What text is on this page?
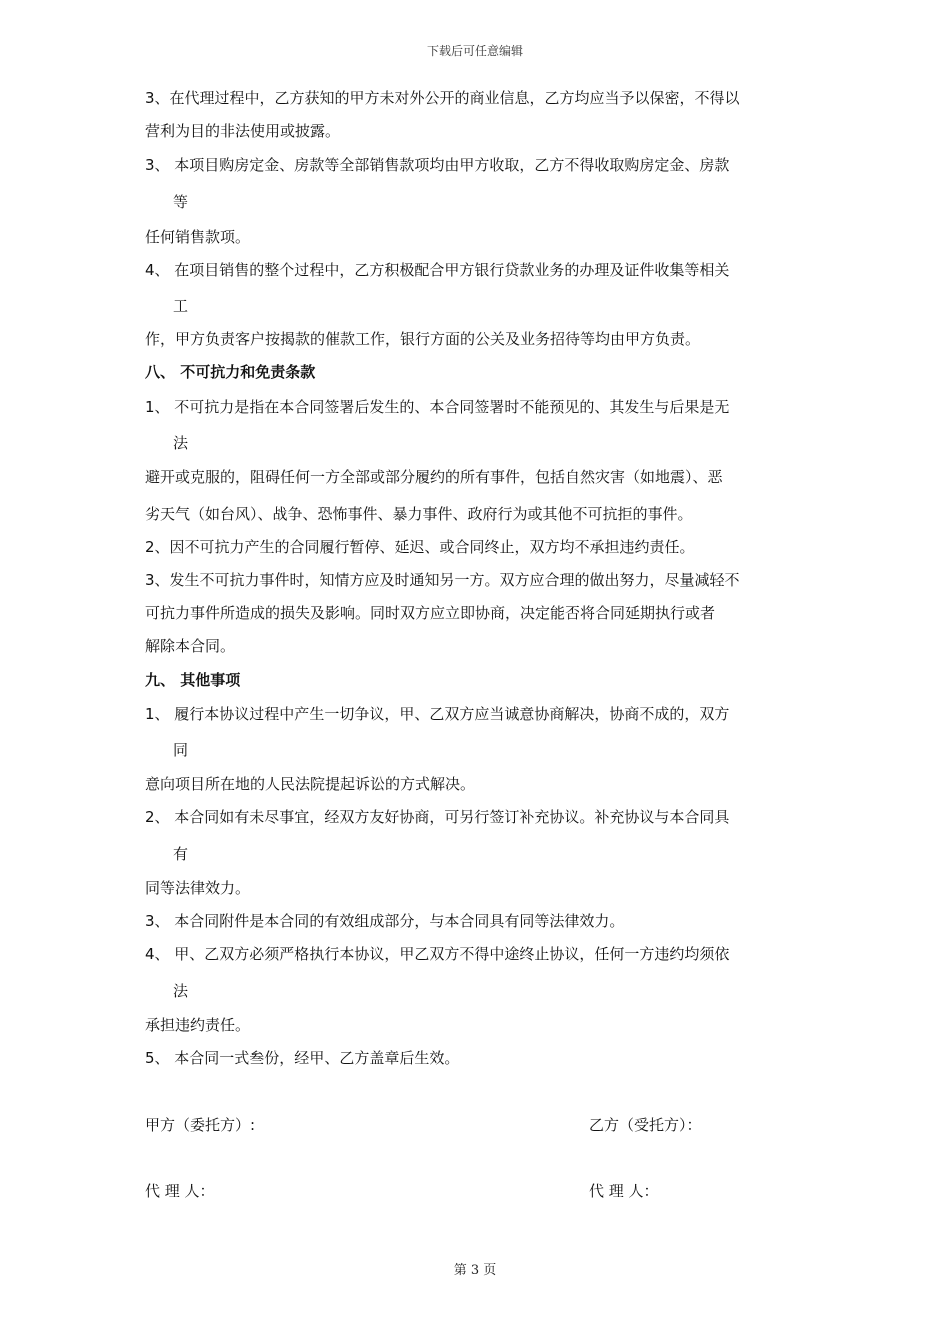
下载后可任意编辑
3、在代理过程中，乙方获知的甲方未对外公开的商业信息，乙方均应当予以保密，不得以
营利为目的非法使用或披露。
3、 本项目购房定金、房款等全部销售款项均由甲方收取，乙方不得收取购房定金、房款
等
任何销售款项。
4、 在项目销售的整个过程中，乙方积极配合甲方银行贷款业务的办理及证件收集等相关
工
作，甲方负责客户按揭款的催款工作，银行方面的公关及业务招待等均由甲方负责。
八、 不可抗力和免责条款
1、 不可抗力是指在本合同签署后发生的、本合同签署时不能预见的、其发生与后果是无
法
避开或克服的，阻碍任何一方全部或部分履约的所有事件，包括自然灾害（如地震）、恶
劣天气（如台风）、战争、恐怖事件、暴力事件、政府行为或其他不可抗拒的事件。
2、因不可抗力产生的合同履行暂停、延迟、或合同终止，双方均不承担违约责任。
3、发生不可抗力事件时，知情方应及时通知另一方。双方应合理的做出努力，尽量减轻不
可抗力事件所造成的损失及影响。同时双方应立即协商，决定能否将合同延期执行或者
解除本合同。
九、 其他事项
1、 履行本协议过程中产生一切争议，甲、乙双方应当诚意协商解决，协商不成的，双方
同
意向项目所在地的人民法院提起诉讼的方式解决。
2、 本合同如有未尽事宜，经双方友好协商，可另行签订补充协议。补充协议与本合同具
有
同等法律效力。
3、 本合同附件是本合同的有效组成部分，与本合同具有同等法律效力。
4、 甲、乙双方必须严格执行本协议，甲乙双方不得中途终止协议，任何一方违约均须依
法
承担违约责任。
5、 本合同一式叁份，经甲、乙方盖章后生效。
甲方（委托方）:	乙方（受托方）：
代 理 人：	代 理 人：
第 3 页
